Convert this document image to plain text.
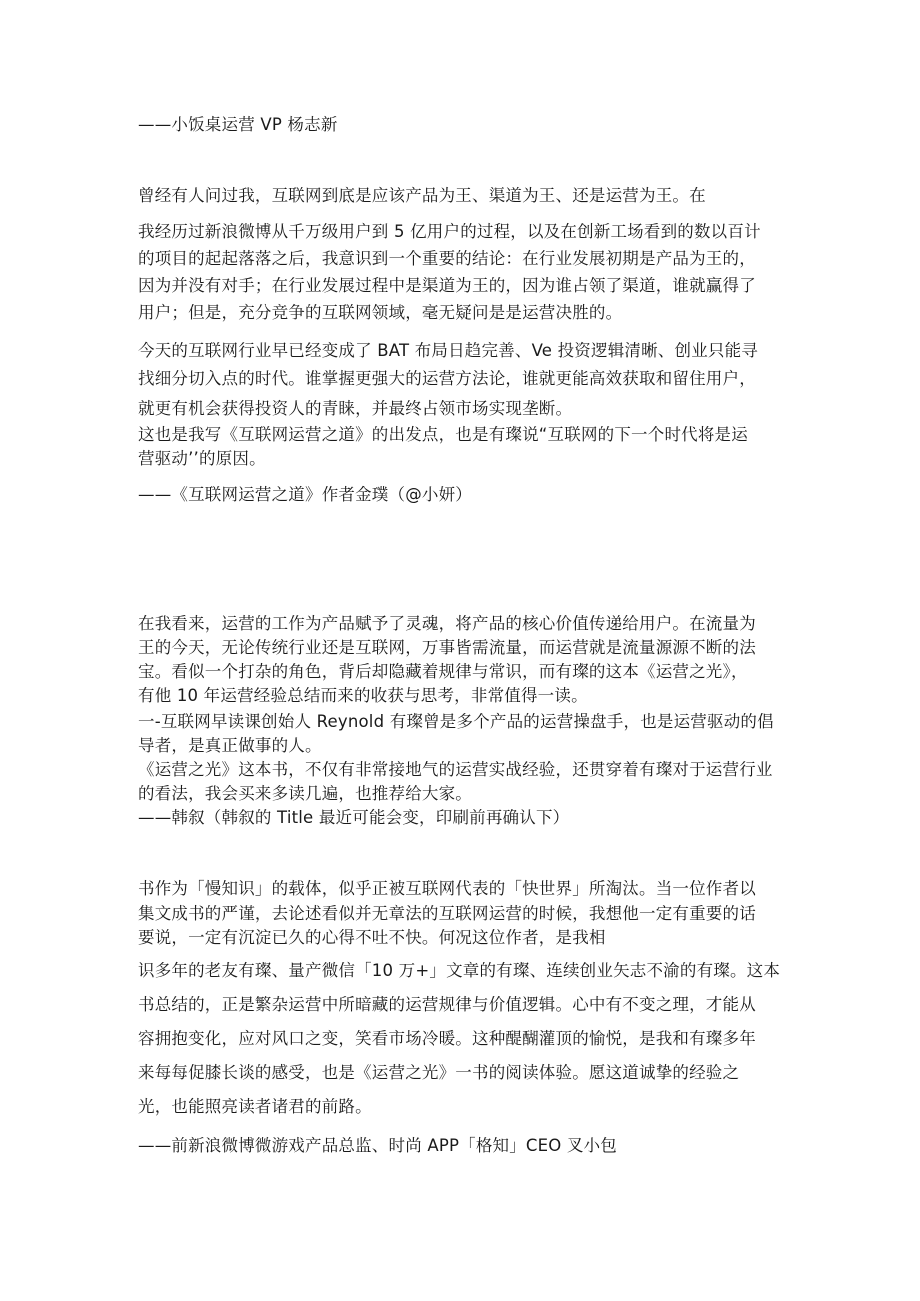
——小饭桌运营 VP 杨志新

曾经有人问过我，互联网到底是应该产品为王、渠道为王、还是运营为王。在

我经历过新浪微博从千万级用户到 5 亿用户的过程，以及在创新工场看到的数以百计

的项目的起起落落之后，我意识到一个重要的结论：在行业发展初期是产品为王的，

因为并没有对手；在行业发展过程中是渠道为王的，因为谁占领了渠道，谁就赢得了

用户；但是，充分竞争的互联网领域，毫无疑问是是运营决胜的。

今天的互联网行业早已经变成了 BAT 布局日趋完善、Ve 投资逻辑清晰、创业只能寻

找细分切入点的时代。谁掌握更强大的运营方法论，谁就更能高效获取和留住用户，

就更有机会获得投资人的青睐，并最终占领市场实现垄断。

这也是我写《互联网运营之道》的出发点，也是有璨说“互联网的下一个时代将是运

营驱动’’的原因。

——《互联网运营之道》作者金璞（@小妍）

在我看来，运营的工作为产品赋予了灵魂，将产品的核心价值传递给用户。在流量为

王的今天，无论传统行业还是互联网，万事皆需流量，而运营就是流量源源不断的法

宝。看似一个打杂的角色，背后却隐藏着规律与常识，而有璨的这本《运营之光》，

有他 10 年运营经验总结而来的收获与思考，非常值得一读。

一-互联网早读课创始人 Reynold 有璨曾是多个产品的运营操盘手，也是运营驱动的倡

导者，是真正做事的人。

《运营之光》这本书，不仅有非常接地气的运营实战经验，还贯穿着有璨对于运营行业

的看法，我会买来多读几遍，也推荐给大家。

——韩叙（韩叙的 Title 最近可能会变，印刷前再确认下）

书作为「慢知识」的载体，似乎正被互联网代表的「快世界」所淘汰。当一位作者以

集文成书的严谨，去论述看似并无章法的互联网运营的时候，我想他一定有重要的话

要说，一定有沉淀已久的心得不吐不快。何况这位作者，是我相

识多年的老友有璨、量产微信「10 万+」文章的有璨、连续创业矢志不渝的有璨。这本

书总结的，正是繁杂运营中所暗藏的运营规律与价值逻辑。心中有不变之理，才能从

容拥抱变化，应对风口之变，笑看市场冷暖。这种醍醐灌顶的愉悦，是我和有璨多年

来每每促膝长谈的感受，也是《运营之光》一书的阅读体验。愿这道诚挚的经验之

光，也能照亮读者诸君的前路。

——前新浪微博微游戏产品总监、时尚 APP「格知」CEO 叉小包
